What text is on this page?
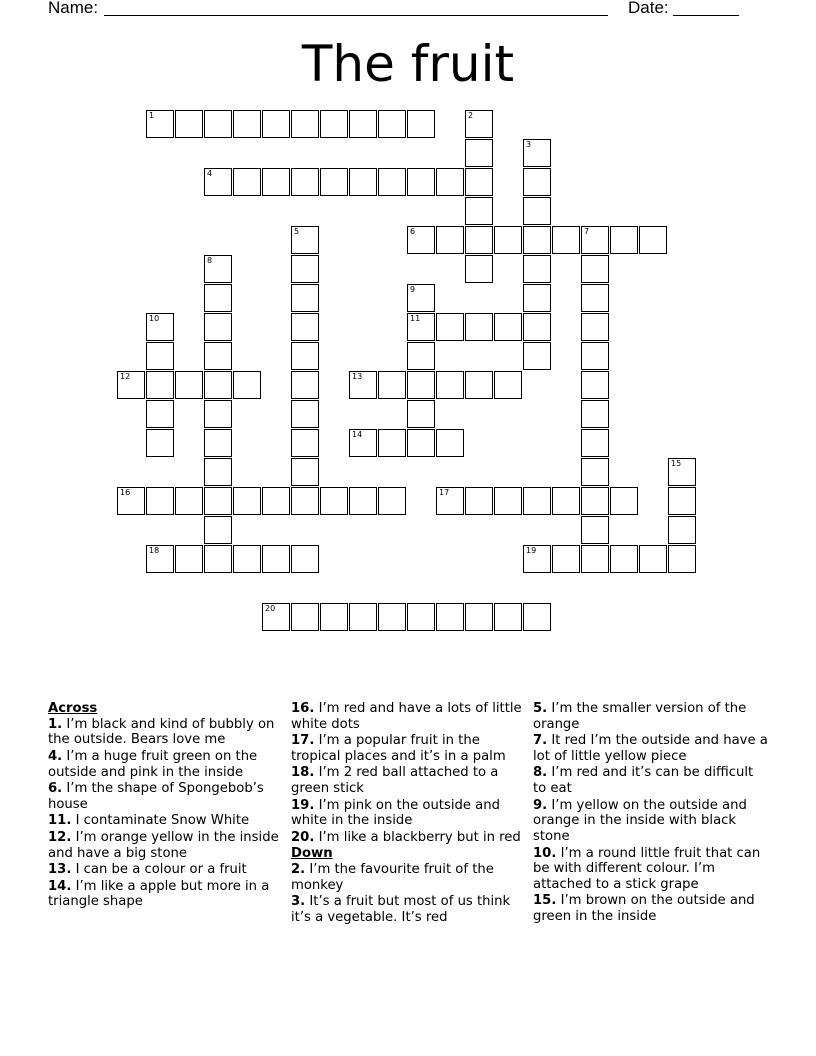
Name:	Date:
The fruit
1	2
3
4
5	6	7
8
9
11
10
12	13
14
15
16	17
18	19
20
Across
1. I’m black and kind of bubbly on the outside. Bears love me
4. I’m a huge fruit green on the outside and pink in the inside
6. I’m the shape of Spongebob’s house
11. I contaminate Snow White
12. I’m orange yellow in the inside and have a big stone
13. I can be a colour or a fruit
14. I’m like a apple but more in a triangle shape
16. I’m red and have a lots of little white dots
17. I’m a popular fruit in the tropical places and it’s in a palm
18. I’m 2 red ball attached to a green stick
19. I’m pink on the outside and white in the inside
20. I’m like a blackberry but in red
Down
2. I’m the favourite fruit of the monkey
3. It’s a fruit but most of us think it’s a vegetable. It’s red
5. I’m the smaller version of the orange
7. It red I’m the outside and have a lot of little yellow piece
8. I’m red and it’s can be difficult to eat
9. I’m yellow on the outside and orange in the inside with black stone
10. I’m a round little fruit that can be with different colour. I’m attached to a stick grape
15. I’m brown on the outside and green in the inside
